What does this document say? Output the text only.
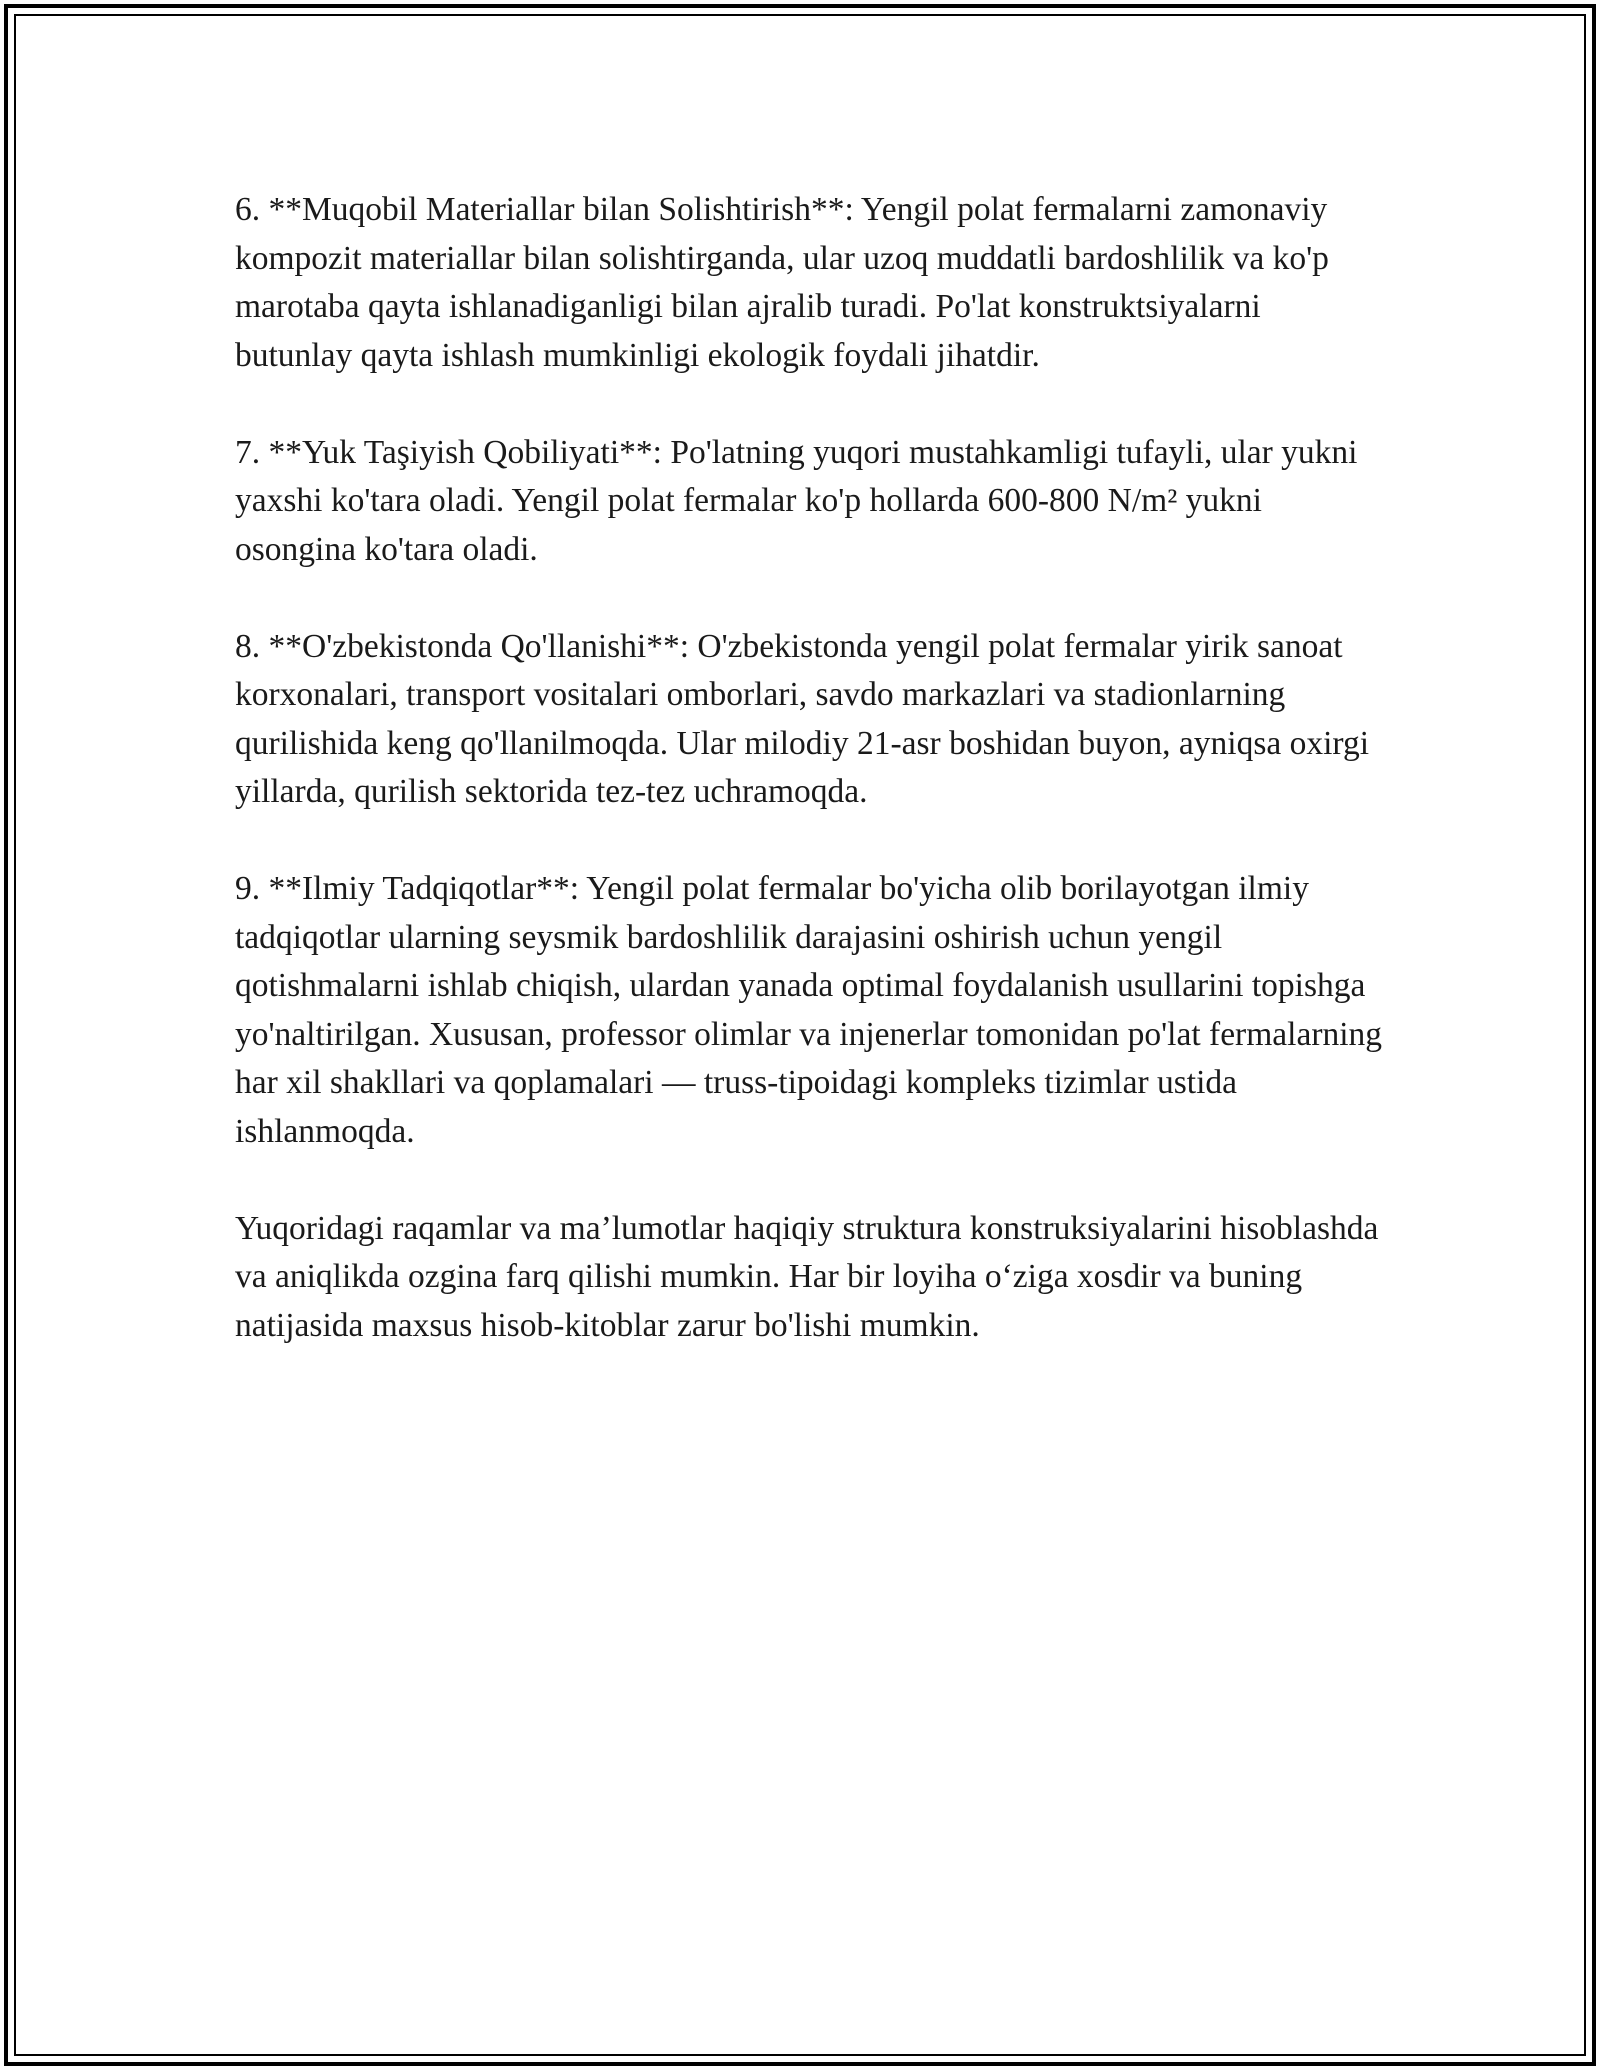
6. **Muqobil Materiallar bilan Solishtirish**: Yengil polat fermalarni zamonaviy kompozit materiallar bilan solishtirganda, ular uzoq muddatli bardoshlilik va ko'p marotaba qayta ishlanadiganligi bilan ajralib turadi. Po'lat konstruktsiyalarni butunlay qayta ishlash mumkinligi ekologik foydali jihatdir.

7. **Yuk Taşiyish Qobiliyati**: Po'latning yuqori mustahkamligi tufayli, ular yukni yaxshi ko'tara oladi. Yengil polat fermalar ko'p hollarda 600-800 N/m² yukni osongina ko'tara oladi.

8. **O'zbekistonda Qo'llanishi**: O'zbekistonda yengil polat fermalar yirik sanoat korxonalari, transport vositalari omborlari, savdo markazlari va stadionlarning qurilishida keng qo'llanilmoqda. Ular milodiy 21-asr boshidan buyon, ayniqsa oxirgi yillarda, qurilish sektorida tez-tez uchramoqda.

9. **Ilmiy Tadqiqotlar**: Yengil polat fermalar bo'yicha olib borilayotgan ilmiy tadqiqotlar ularning seysmik bardoshlilik darajasini oshirish uchun yengil qotishmalarni ishlab chiqish, ulardan yanada optimal foydalanish usullarini topishga yo'naltirilgan. Xususan, professor olimlar va injenerlar tomonidan po'lat fermalarning har xil shakllari va qoplamalari — truss-tipoidagi kompleks tizimlar ustida ishlanmoqda.

Yuqoridagi raqamlar va ma’lumotlar haqiqiy struktura konstruksiyalarini hisoblashda va aniqlikda ozgina farq qilishi mumkin. Har bir loyiha o‘ziga xosdir va buning natijasida maxsus hisob-kitoblar zarur bo'lishi mumkin.
